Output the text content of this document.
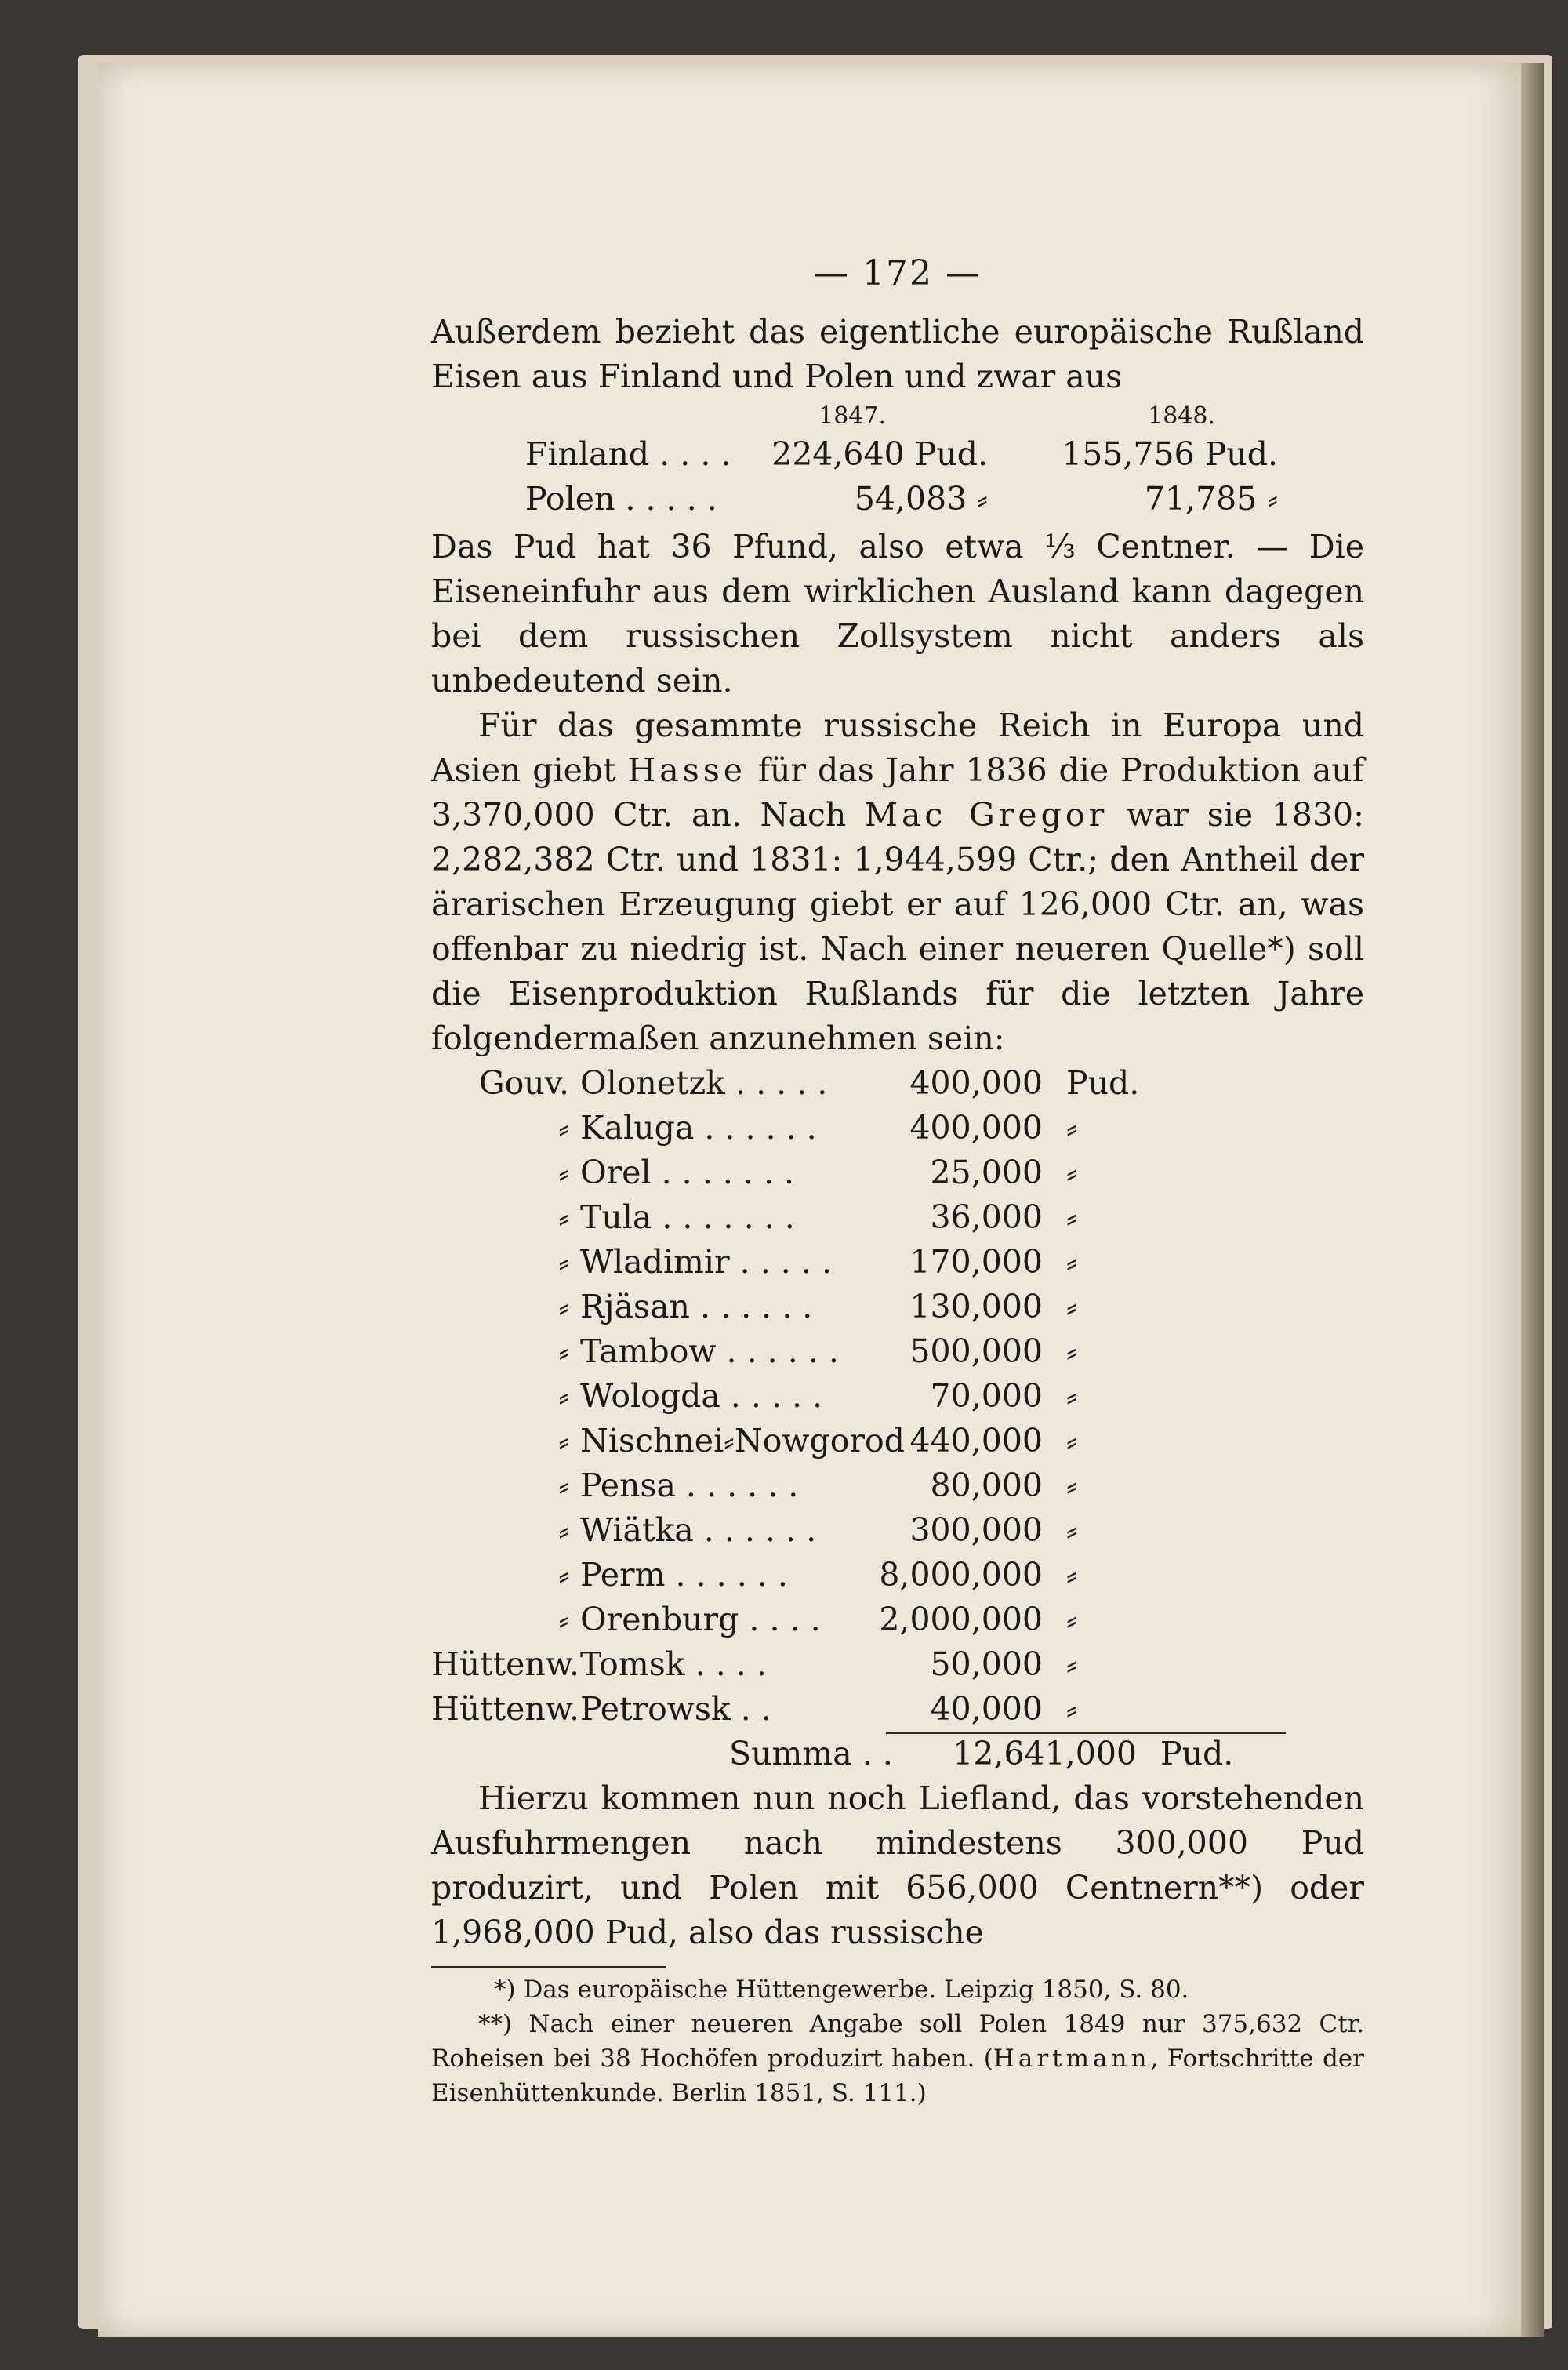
— 172 —

Außerdem bezieht das eigentliche europäische Rußland Eisen aus Finland und Polen und zwar aus

1847.	1848.
Finland . . . .	224,640 Pud.	155,756 Pud.
Polen . . . . .	54,083 ⸗	71,785 ⸗

Das Pud hat 36 Pfund, also etwa ⅓ Centner. — Die Eiseneinfuhr aus dem wirklichen Ausland kann dagegen bei dem russischen Zollsystem nicht anders als unbedeutend sein.

Für das gesammte russische Reich in Europa und Asien giebt Hasse für das Jahr 1836 die Produktion auf 3,370,000 Ctr. an. Nach Mac Gregor war sie 1830: 2,282,382 Ctr. und 1831: 1,944,599 Ctr.; den Antheil der ärarischen Erzeugung giebt er auf 126,000 Ctr. an, was offenbar zu niedrig ist. Nach einer neueren Quelle*) soll die Eisenproduktion Rußlands für die letzten Jahre folgendermaßen anzunehmen sein:

Gouv. Olonetzk . . . . .	400,000 Pud.
⸗ Kaluga . . . . . .	400,000 ⸗
⸗ Orel . . . . . . .	25,000 ⸗
⸗ Tula . . . . . . .	36,000 ⸗
⸗ Wladimir . . . . .	170,000 ⸗
⸗ Rjäsan . . . . . .	130,000 ⸗
⸗ Tambow . . . . . .	500,000 ⸗
⸗ Wologda . . . . .	70,000 ⸗
⸗ Nischnei⸗Nowgorod 440,000 ⸗
⸗ Pensa . . . . . .	80,000 ⸗
⸗ Wiätka . . . . . .	300,000 ⸗
⸗ Perm . . . . . .	8,000,000 ⸗
⸗ Orenburg . . . .	2,000,000 ⸗
Hüttenw. Tomsk . . . .	50,000 ⸗
Hüttenw. Petrowsk . .	40,000 ⸗
Summa . .	12,641,000 Pud.

Hierzu kommen nun noch Liefland, das vorstehenden Ausfuhrmengen nach mindestens 300,000 Pud produzirt, und Polen mit 656,000 Centnern**) oder 1,968,000 Pud, also das russische

*) Das europäische Hüttengewerbe. Leipzig 1850, S. 80.

**) Nach einer neueren Angabe soll Polen 1849 nur 375,632 Ctr. Roheisen bei 38 Hochöfen produzirt haben. (Hartmann, Fortschritte der Eisenhüttenkunde. Berlin 1851, S. 111.)
